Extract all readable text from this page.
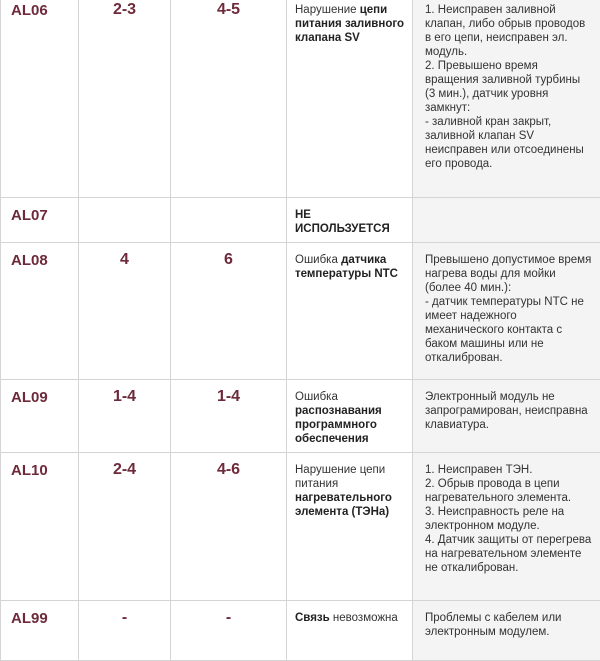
AL06	2-3	4-5	Нарушение цепи питания заливного клапана SV	1. Неисправен заливной клапан, либо обрыв проводов в его цепи, неисправен эл. модуль.
2. Превышено время вращения заливной турбины (3 мин.), датчик уровня замкнут:
- заливной кран закрыт, заливной клапан SV неисправен или отсоединены его провода.

AL07			НЕ ИСПОЛЬЗУЕТСЯ	
AL08	4	6	Ошибка датчика температуры NTC	Превышено допустимое время нагрева воды для мойки (более 40 мин.):
- датчик температуры NTC не имеет надежного механического контакта с баком машины или не откалиброван.

AL09	1-4	1-4	Ошибка распознавания программного обеспечения	Электронный модуль не запрограмирован, неисправна клавиатура.

AL10	2-4	4-6	Нарушение цепи питания нагревательного элемента (ТЭНа)	1. Неисправен ТЭН.
2. Обрыв провода в цепи нагревательного элемента.
3. Неисправность реле на электронном модуле.
4. Датчик защиты от перегрева на нагревательном элементе не откалиброван.

AL99	-	-	Связь невозможна	Проблемы с кабелем или электронным модулем.
